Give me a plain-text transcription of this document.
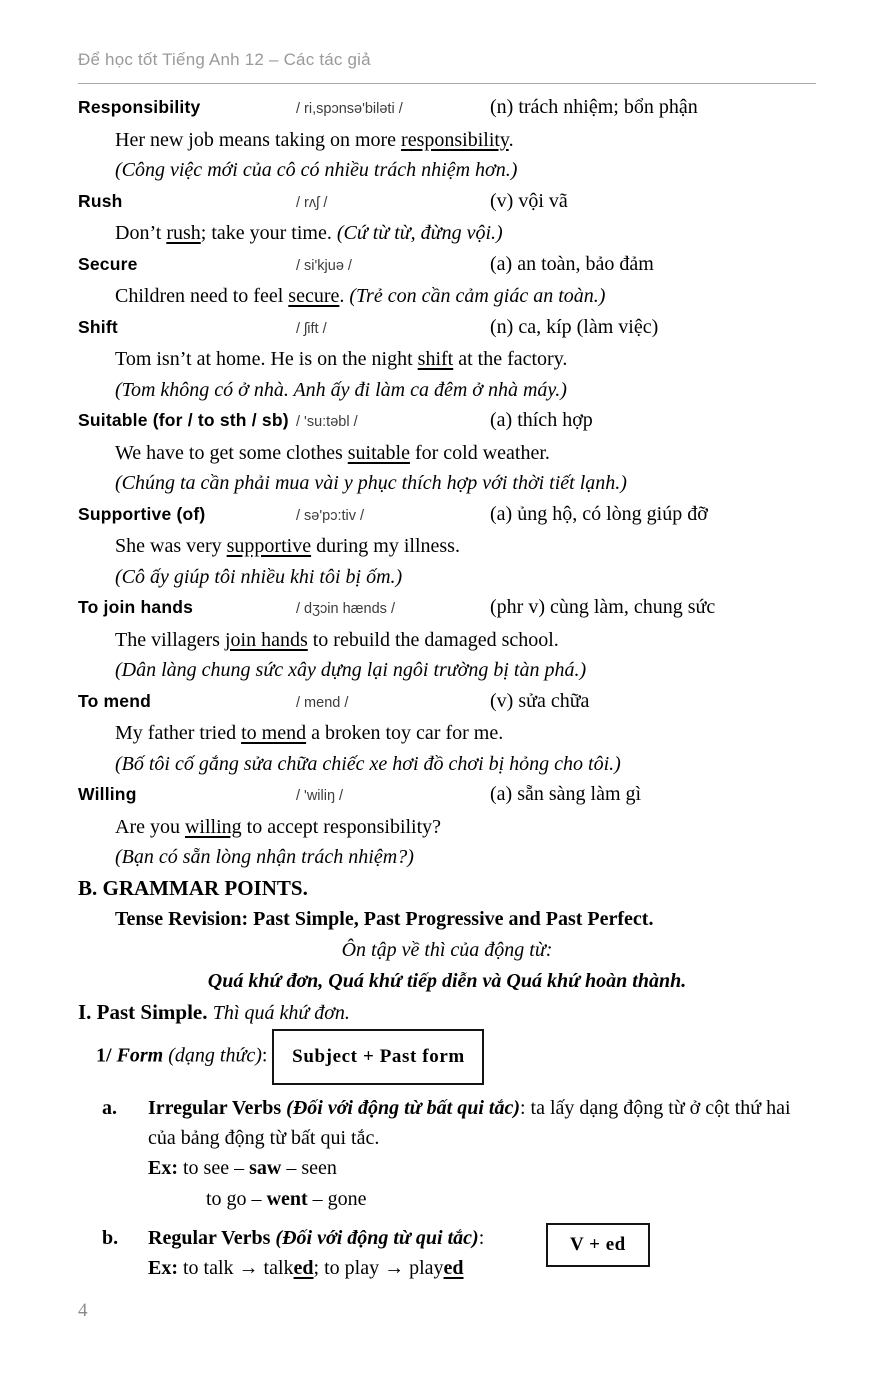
Để học tốt Tiếng Anh 12 – Các tác giả
Responsibility	/ ri,spɔnsə'biləti /	(n) trách nhiệm; bổn phận
Her new job means taking on more responsibility.
(Công việc mới của cô có nhiều trách nhiệm hơn.)
Rush	/ rʌʃ /	(v) vội vã
Don’t rush; take your time. (Cứ từ từ, đừng vội.)
Secure	/ si'kjuə /	(a) an toàn, bảo đảm
Children need to feel secure. (Trẻ con cần cảm giác an toàn.)
Shift	/ ʃift /	(n) ca, kíp (làm việc)
Tom isn’t at home. He is on the night shift at the factory.
(Tom không có ở nhà. Anh ấy đi làm ca đêm ở nhà máy.)
Suitable (for / to sth / sb) / 'su:təbl /	(a) thích hợp
We have to get some clothes suitable for cold weather.
(Chúng ta cần phải mua vài y phục thích hợp với thời tiết lạnh.)
Supportive (of)	/ sə'pɔ:tiv /	(a) ủng hộ, có lòng giúp đỡ
She was very supportive during my illness.
(Cô ấy giúp tôi nhiều khi tôi bị ốm.)
To join hands	/ dʒɔin hænds /	(phr v) cùng làm, chung sức
The villagers join hands to rebuild the damaged school.
(Dân làng chung sức xây dựng lại ngôi trường bị tàn phá.)
To mend	/ mend /	(v) sửa chữa
My father tried to mend a broken toy car for me.
(Bố tôi cố gắng sửa chữa chiếc xe hơi đồ chơi bị hỏng cho tôi.)
Willing	/ 'wiliŋ /	(a) sẵn sàng làm gì
Are you willing to accept responsibility?
(Bạn có sẵn lòng nhận trách nhiệm?)
B. GRAMMAR POINTS.
Tense Revision: Past Simple, Past Progressive and Past Perfect.
Ôn tập về thì của động từ:
Quá khứ đơn, Quá khứ tiếp diễn và Quá khứ hoàn thành.
I. Past Simple. Thì quá khứ đơn.
1/ Form (dạng thức): Subject + Past form
a. Irregular Verbs (Đối với động từ bất qui tắc): ta lấy dạng động từ ở cột thứ hai của bảng động từ bất qui tắc.
Ex: to see – saw – seen
to go – went – gone
b. Regular Verbs (Đối với động từ qui tắc):
Ex: to talk → talked; to play → played
V + ed
4
